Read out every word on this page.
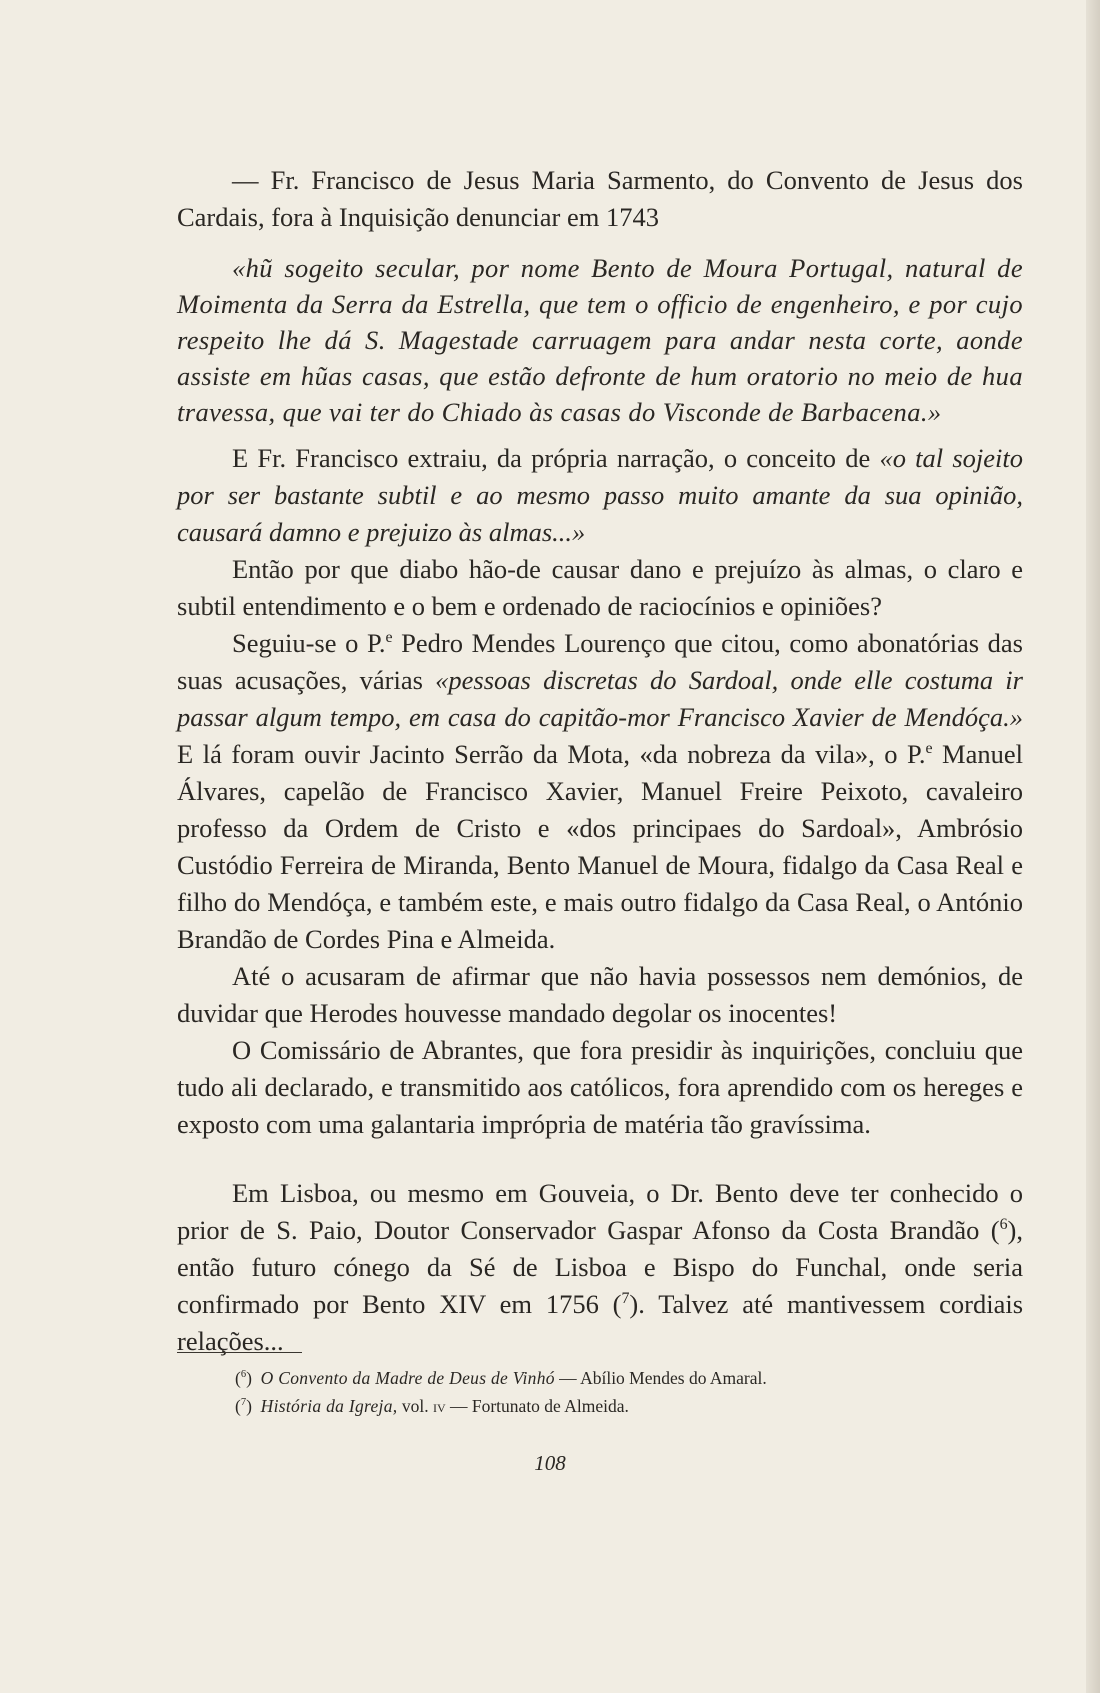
— Fr. Francisco de Jesus Maria Sarmento, do Convento de Jesus dos Cardais, fora à Inquisição denunciar em 1743

«hũ sogeito secular, por nome Bento de Moura Portugal, natural de Moimenta da Serra da Estrella, que tem o officio de engenheiro, e por cujo respeito lhe dá S. Magestade carruagem para andar nesta corte, aonde assiste em hũas casas, que estão defronte de hum oratorio no meio de hua travessa, que vai ter do Chiado às casas do Visconde de Barbacena.»

E Fr. Francisco extraiu, da própria narração, o conceito de «o tal sojeito por ser bastante subtil e ao mesmo passo muito amante da sua opinião, causará damno e prejuizo às almas...»

Então por que diabo hão-de causar dano e prejuízo às almas, o claro e subtil entendimento e o bem e ordenado de raciocínios e opiniões?

Seguiu-se o P.$^e$ Pedro Mendes Lourenço que citou, como abonatórias das suas acusações, várias «pessoas discretas do Sardoal, onde elle costuma ir passar algum tempo, em casa do capitão-mor Francisco Xavier de Mendóça.» E lá foram ouvir Jacinto Serrão da Mota, «da nobreza da vila», o P.$^e$ Manuel Álvares, capelão de Francisco Xavier, Manuel Freire Peixoto, cavaleiro professo da Ordem de Cristo e «dos principaes do Sardoal», Ambrósio Custódio Ferreira de Miranda, Bento Manuel de Moura, fidalgo da Casa Real e filho do Mendóça, e também este, e mais outro fidalgo da Casa Real, o António Brandão de Cordes Pina e Almeida.

Até o acusaram de afirmar que não havia possessos nem demónios, de duvidar que Herodes houvesse mandado degolar os inocentes!

O Comissário de Abrantes, que fora presidir às inquirições, concluiu que tudo ali declarado, e transmitido aos católicos, fora aprendido com os hereges e exposto com uma galantaria imprópria de matéria tão gravíssima.

Em Lisboa, ou mesmo em Gouveia, o Dr. Bento deve ter conhecido o prior de S. Paio, Doutor Conservador Gaspar Afonso da Costa Brandão ($^6$), então futuro cónego da Sé de Lisboa e Bispo do Funchal, onde seria confirmado por Bento XIV em 1756 ($^7$). Talvez até mantivessem cordiais relações...

($^6$)  O Convento da Madre de Deus de Vinhó — Abílio Mendes do Amaral.

($^7$)  História da Igreja, vol. iv — Fortunato de Almeida.

108
